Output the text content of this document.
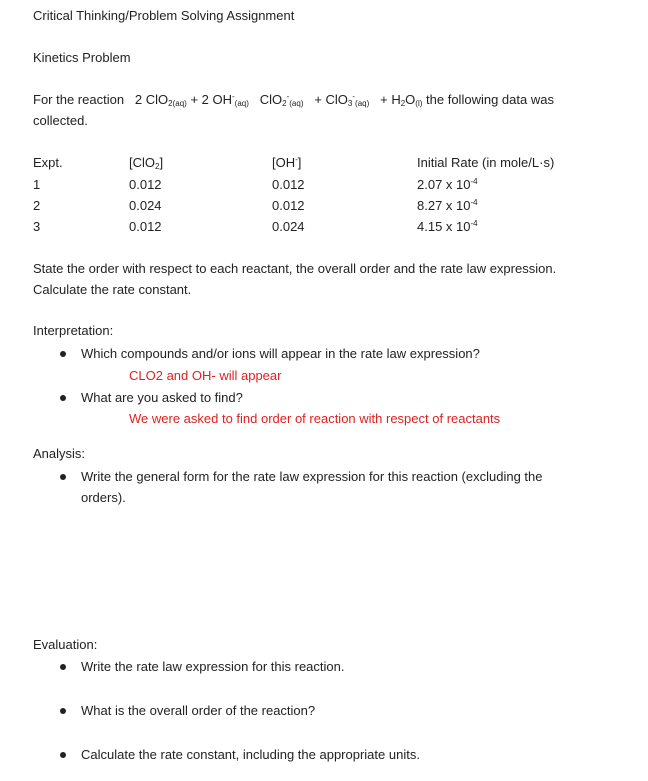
Critical Thinking/Problem Solving Assignment
Kinetics Problem
For the reaction 2 ClO$_{2(aq)}$ + 2 $OH^-_{(aq)}$ $ClO_2^-_{(aq)} + ClO_3^-_{(aq)} + H_2O_{(l)}$ the following data was
collected.
Expt.	[ClO$_2$]	[OH-]	Initial Rate (in mole/L·s)
1	0.012	0.012	2.07 x $10^{-4}$
2	0.024	0.012	8.27 x $10^{-4}$
3	0.012	0.024	4.15 x $10^{-4}$
State the order with respect to each reactant, the overall order and the rate law expression.
Calculate the rate constant.
Interpretation:
Which compounds and/or ions will appear in the rate law expression?
CLO2 and OH- will appear
What are you asked to find?
We were asked to find order of reaction with respect of reactants
Analysis:
Write the general form for the rate law expression for this reaction (excluding the
orders).
Evaluation:
Write the rate law expression for this reaction.
What is the overall order of the reaction?
Calculate the rate constant, including the appropriate units.
